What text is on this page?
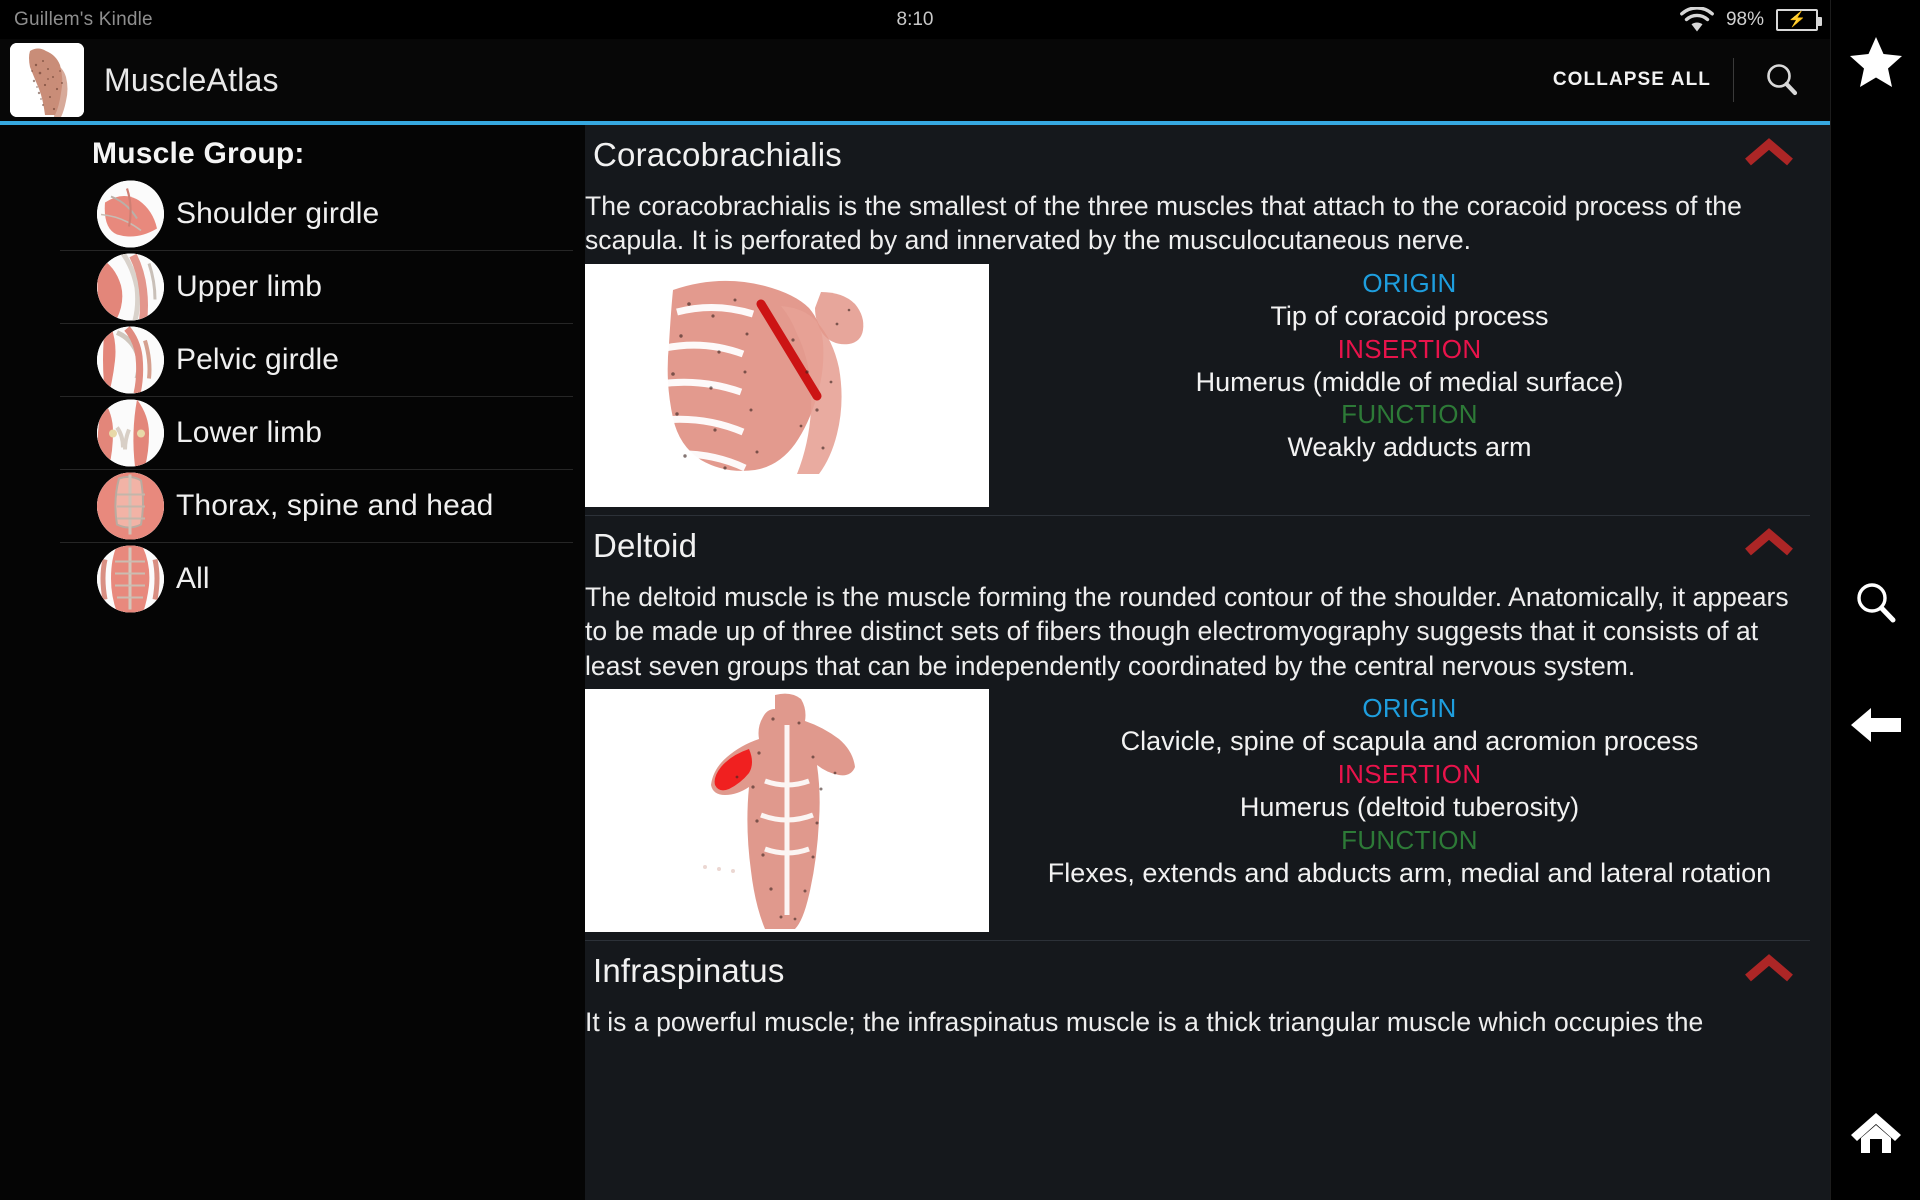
Guillem's Kindle	8:10	98% ⚡
MuscleAtlas	COLLAPSE ALL
Muscle Group:
Shoulder girdle
Upper limb
Pelvic girdle
Lower limb
Thorax, spine and head
All
Coracobrachialis
The coracobrachialis is the smallest of the three muscles that attach to the coracoid process of the scapula. It is perforated by and innervated by the musculocutaneous nerve.
ORIGIN
Tip of coracoid process
INSERTION
Humerus (middle of medial surface)
FUNCTION
Weakly adducts arm
Deltoid
The deltoid muscle is the muscle forming the rounded contour of the shoulder. Anatomically, it appears to be made up of three distinct sets of fibers though electromyography suggests that it consists of at least seven groups that can be independently coordinated by the central nervous system.
ORIGIN
Clavicle, spine of scapula and acromion process
INSERTION
Humerus (deltoid tuberosity)
FUNCTION
Flexes, extends and abducts arm, medial and lateral rotation
Infraspinatus
It is a powerful muscle; the infraspinatus muscle is a thick triangular muscle which occupies the
